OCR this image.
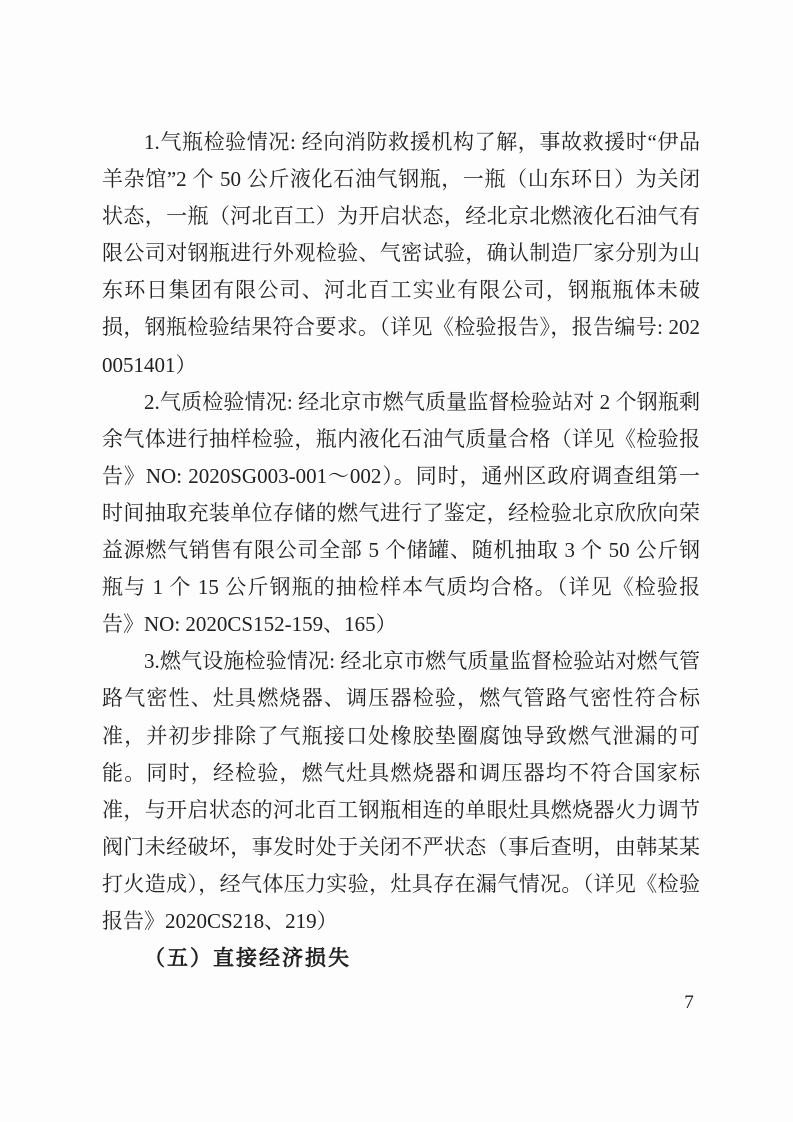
1.气瓶检验情况: 经向消防救援机构了解，事故救援时“伊品羊杂馆”2 个 50 公斤液化石油气钢瓶，一瓶（山东环日）为关闭状态，一瓶（河北百工）为开启状态，经北京北燃液化石油气有限公司对钢瓶进行外观检验、气密试验，确认制造厂家分别为山东环日集团有限公司、河北百工实业有限公司，钢瓶瓶体未破损，钢瓶检验结果符合要求。（详见《检验报告》，报告编号: 2020051401）

2.气质检验情况: 经北京市燃气质量监督检验站对 2 个钢瓶剩余气体进行抽样检验，瓶内液化石油气质量合格（详见《检验报告》NO: 2020SG003-001～002）。同时，通州区政府调查组第一时间抽取充装单位存储的燃气进行了鉴定，经检验北京欣欣向荣益源燃气销售有限公司全部 5 个储罐、随机抽取 3 个 50 公斤钢瓶与 1 个 15 公斤钢瓶的抽检样本气质均合格。（详见《检验报告》NO: 2020CS152-159、165）

3.燃气设施检验情况: 经北京市燃气质量监督检验站对燃气管路气密性、灶具燃烧器、调压器检验，燃气管路气密性符合标准，并初步排除了气瓶接口处橡胶垫圈腐蚀导致燃气泄漏的可能。同时，经检验，燃气灶具燃烧器和调压器均不符合国家标准，与开启状态的河北百工钢瓶相连的单眼灶具燃烧器火力调节阀门未经破坏，事发时处于关闭不严状态（事后查明，由韩某某打火造成），经气体压力实验，灶具存在漏气情况。（详见《检验报告》2020CS218、219）

（五）直接经济损失

7
